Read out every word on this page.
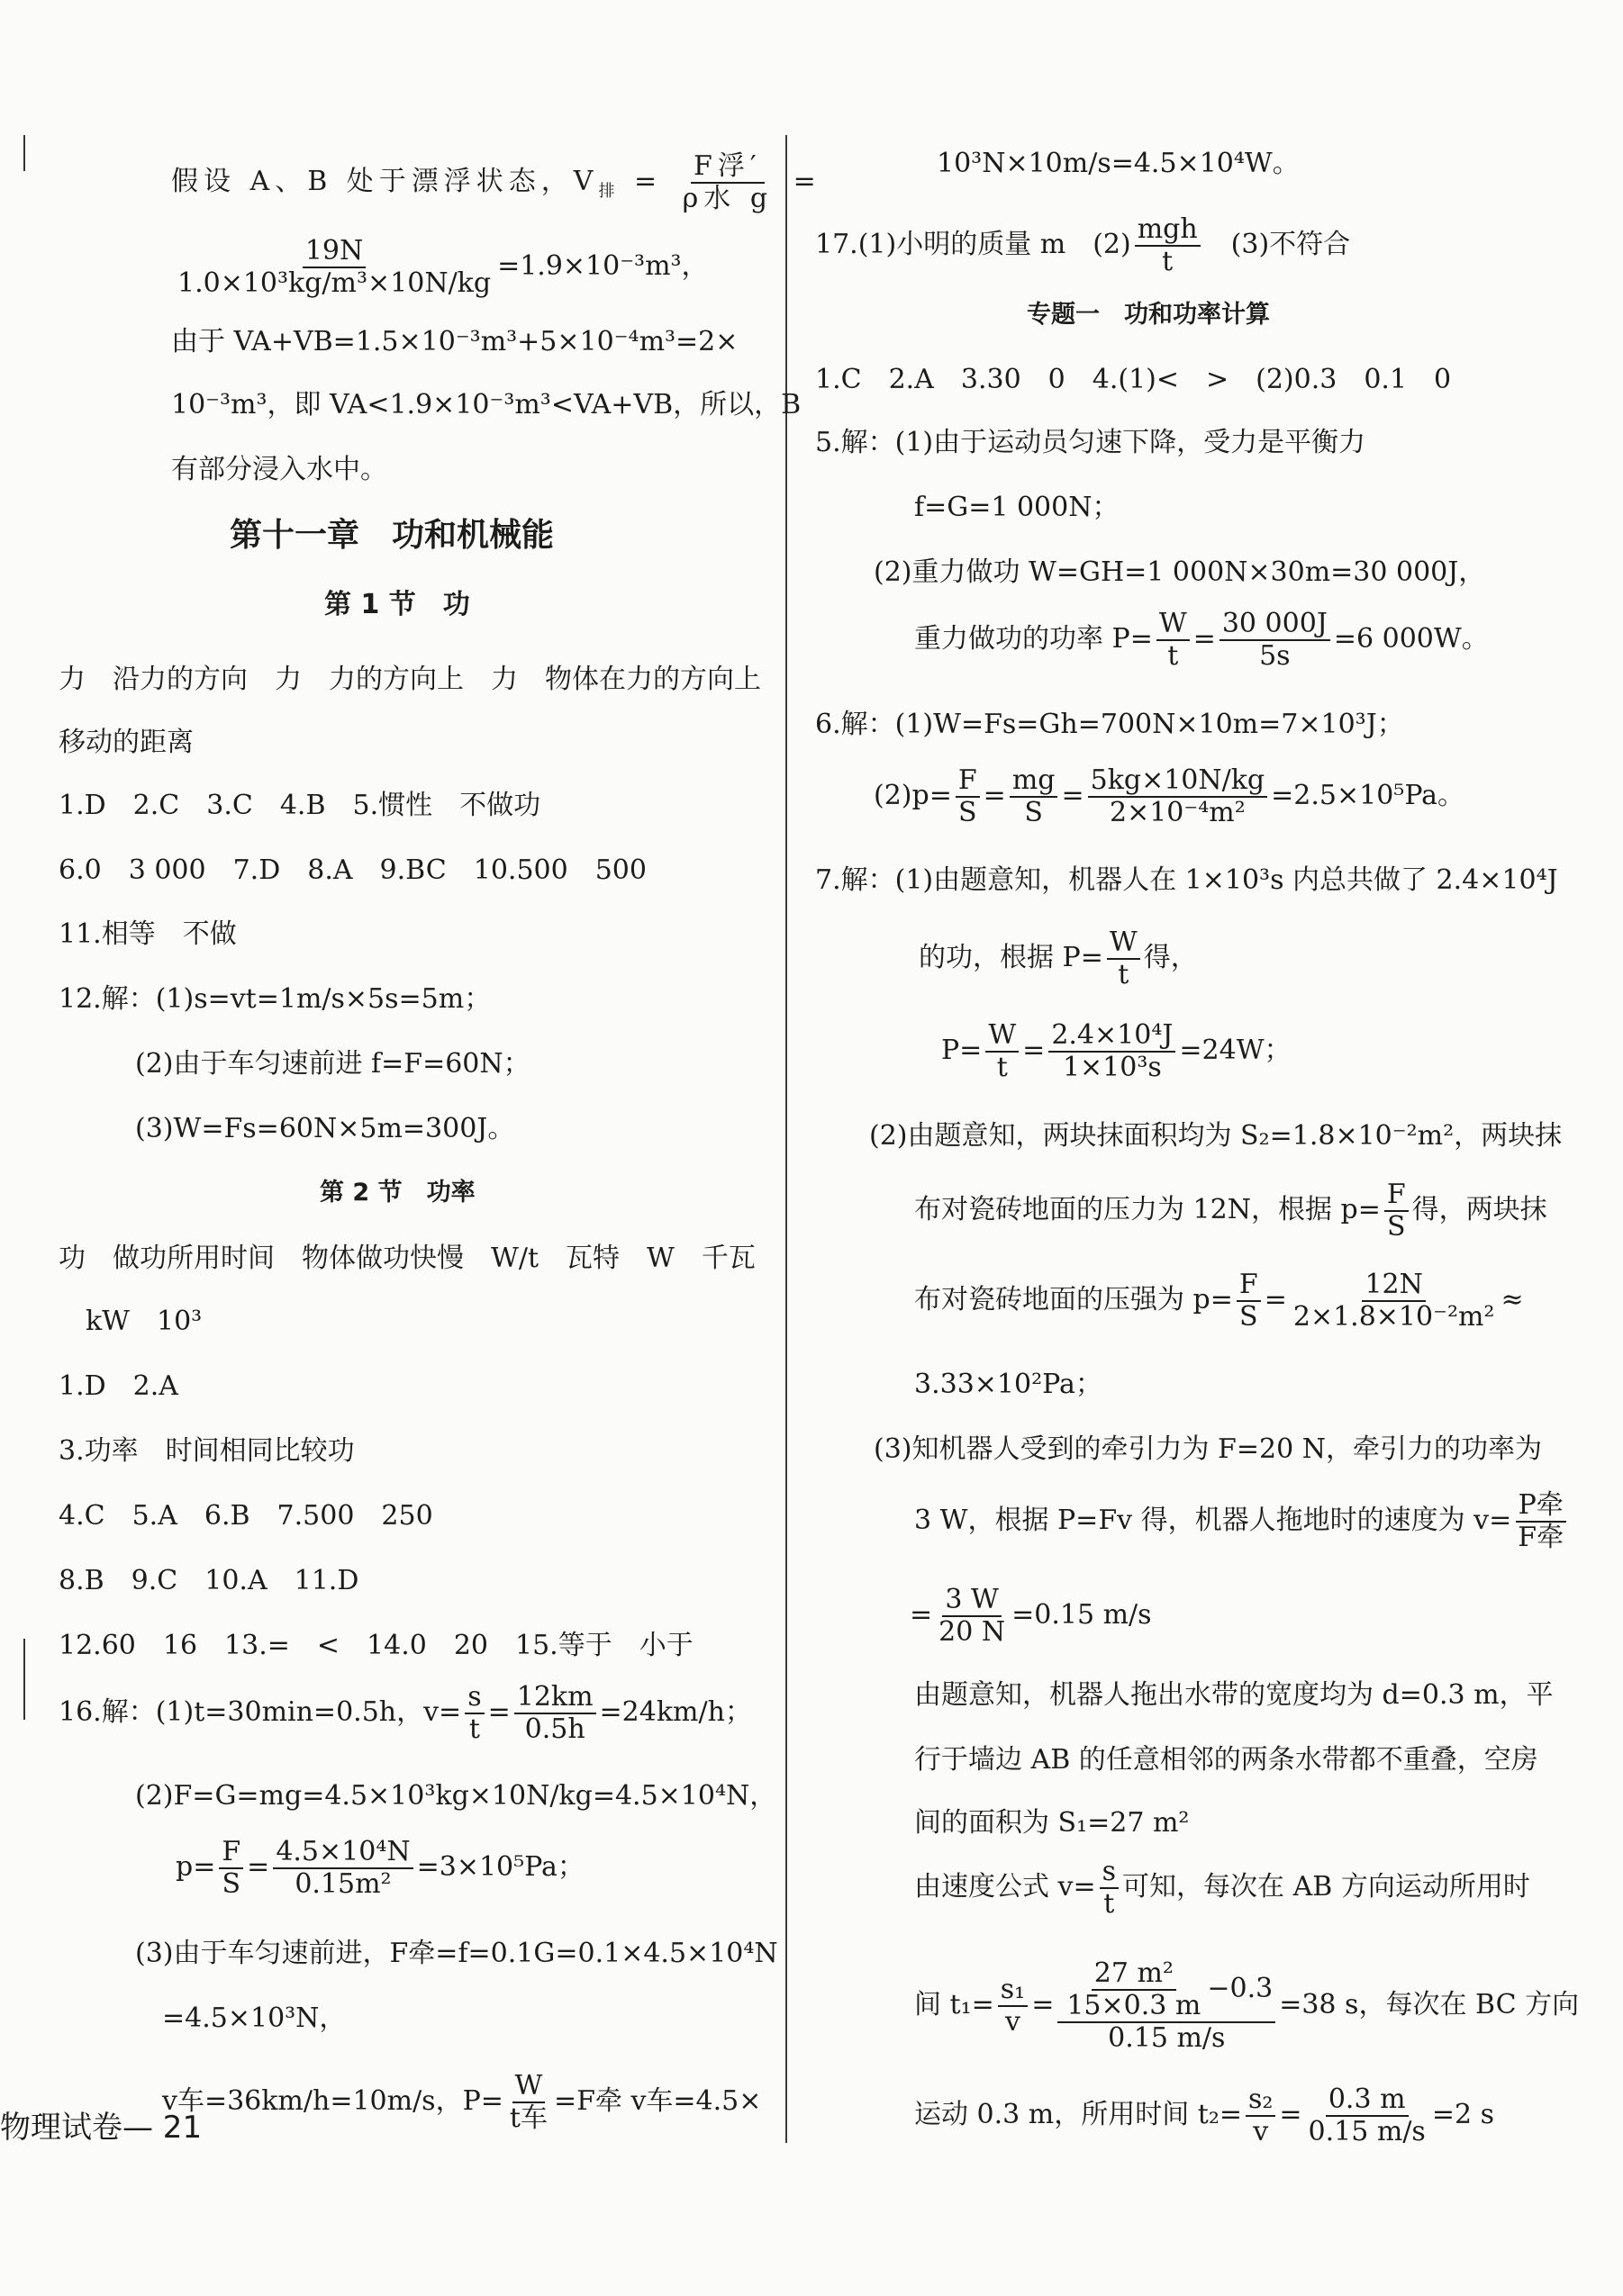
假设 A、B 处于漂浮状态，$V_排 = \frac{\text{F浮′}}{\text{ρ水 g}}$ =
$\frac{19N}{\text{1.0×10³kg/m³×10N/kg}} =1.9\times 10^{-3}m^3$，
由于 VA+VB=1.5×10⁻³m³+5×10⁻⁴m³=2×
10⁻³m³，即 VA<1.9×10⁻³m³<VA+VB，所以，B
有部分浸入水中。
第十一章　功和机械能
第 1 节　功
力　沿力的方向　力　力的方向上　力　物体在力的方向上
移动的距离
1.D　2.C　3.C　4.B　5.惯性　不做功
6.0　3 000　7.D　8.A　9.BC　10.500　500
11.相等　不做
12.解：(1)s=vt=1m/s×5s=5m；
(2)由于车匀速前进 f=F=60N；
(3)W=Fs=60N×5m=300J。
第 2 节　功率
功　做功所用时间　物体做功快慢　W/t　瓦特　W　千瓦
kW　10³
1.D　2.A
3.功率　时间相同比较功
4.C　5.A　6.B　7.500　250
8.B　9.C　10.A　11.D
12.60　16　13.=　<　14.0　20　15.等于　小于
16.解：(1)t=30min=0.5h，$v= \frac{s}{t} = \frac{12km}{0.5h} =24km/h$；
(2)F=G=mg=4.5×10³kg×10N/kg=4.5×10⁴N，
$p= \frac{F}{S} = \frac{\text{4.5×10⁴N}}{\text{0.15m²}} =3\times 10^5Pa$；
(3)由于车匀速前进，F牵=f=0.1G=0.1×4.5×10⁴N
=4.5×10³N，
v车=36km/h=10m/s，$P= \frac{W}{\text{t车}} =F$牵 v车=4.5×
物理试卷— 21
10³N×10m/s=4.5×10⁴W。
17.(1)小明的质量 m　$(2) \frac{\text{mgh}}{t}$ 　(3)不符合
专题一　功和功率计算
1.C　2.A　3.30　0　4.(1)<　>　(2)0.3　0.1　0
5.解：(1)由于运动员匀速下降，受力是平衡力
f=G=1 000N；
(2)重力做功 W=GH=1 000N×30m=30 000J，
重力做功的功率 $P= \frac{W}{t} = \frac{30 000J}{5s} =6$ 000W。
6.解：(1)W=Fs=Gh=700N×10m=7×10³J；
$(2)p= \frac{F}{S} = \frac{mg}{S} = \frac{5kg\times 10N/kg}{\text{2×10⁻⁴m²}} =2.5\times 10^5Pa$。
7.解：(1)由题意知，机器人在 1×10³s 内总共做了 2.4×10⁴J
的功，根据 $P= \frac{W}{t}$ 得，
$P= \frac{W}{t} = \frac{\text{2.4×10⁴J}}{\text{1×10³s}} =24W$；
(2)由题意知，两块抹面积均为 S₂=1.8×10⁻²m²，两块抹
布对瓷砖地面的压力为 12N，根据 $p= \frac{F}{S}$ 得，两块抹
布对瓷砖地面的压强为 $p= \frac{F}{S} = \frac{12N}{\text{2×1.8×10⁻²m²}}$ ≈
3.33×10²Pa；
(3)知机器人受到的牵引力为 F=20 N，牵引力的功率为
3 W，根据 P=Fv 得，机器人拖地时的速度为 $v= \frac{\text{P牵}}{\text{F牵}}$
= $\frac{3 W}{20 N} =0.15$ m/s
由题意知，机器人拖出水带的宽度均为 d=0.3 m，平
行于墙边 AB 的任意相邻的两条水带都不重叠，空房
间的面积为 S₁=27 m²
由速度公式 $v= \frac{s}{t}$ 可知，每次在 AB 方向运动所用时
间 $t_1= \frac{\text{s₁}}{v} = \frac{\frac{\text{27 m²}}{15\times 0.3 m} -0.3}{0.15 m/s} =38$ s，每次在 BC 方向
运动 0.3 m，所用时间 $t_2= \frac{\text{s₂}}{v} = \frac{0.3 m}{0.15 m/s} =2$ s
